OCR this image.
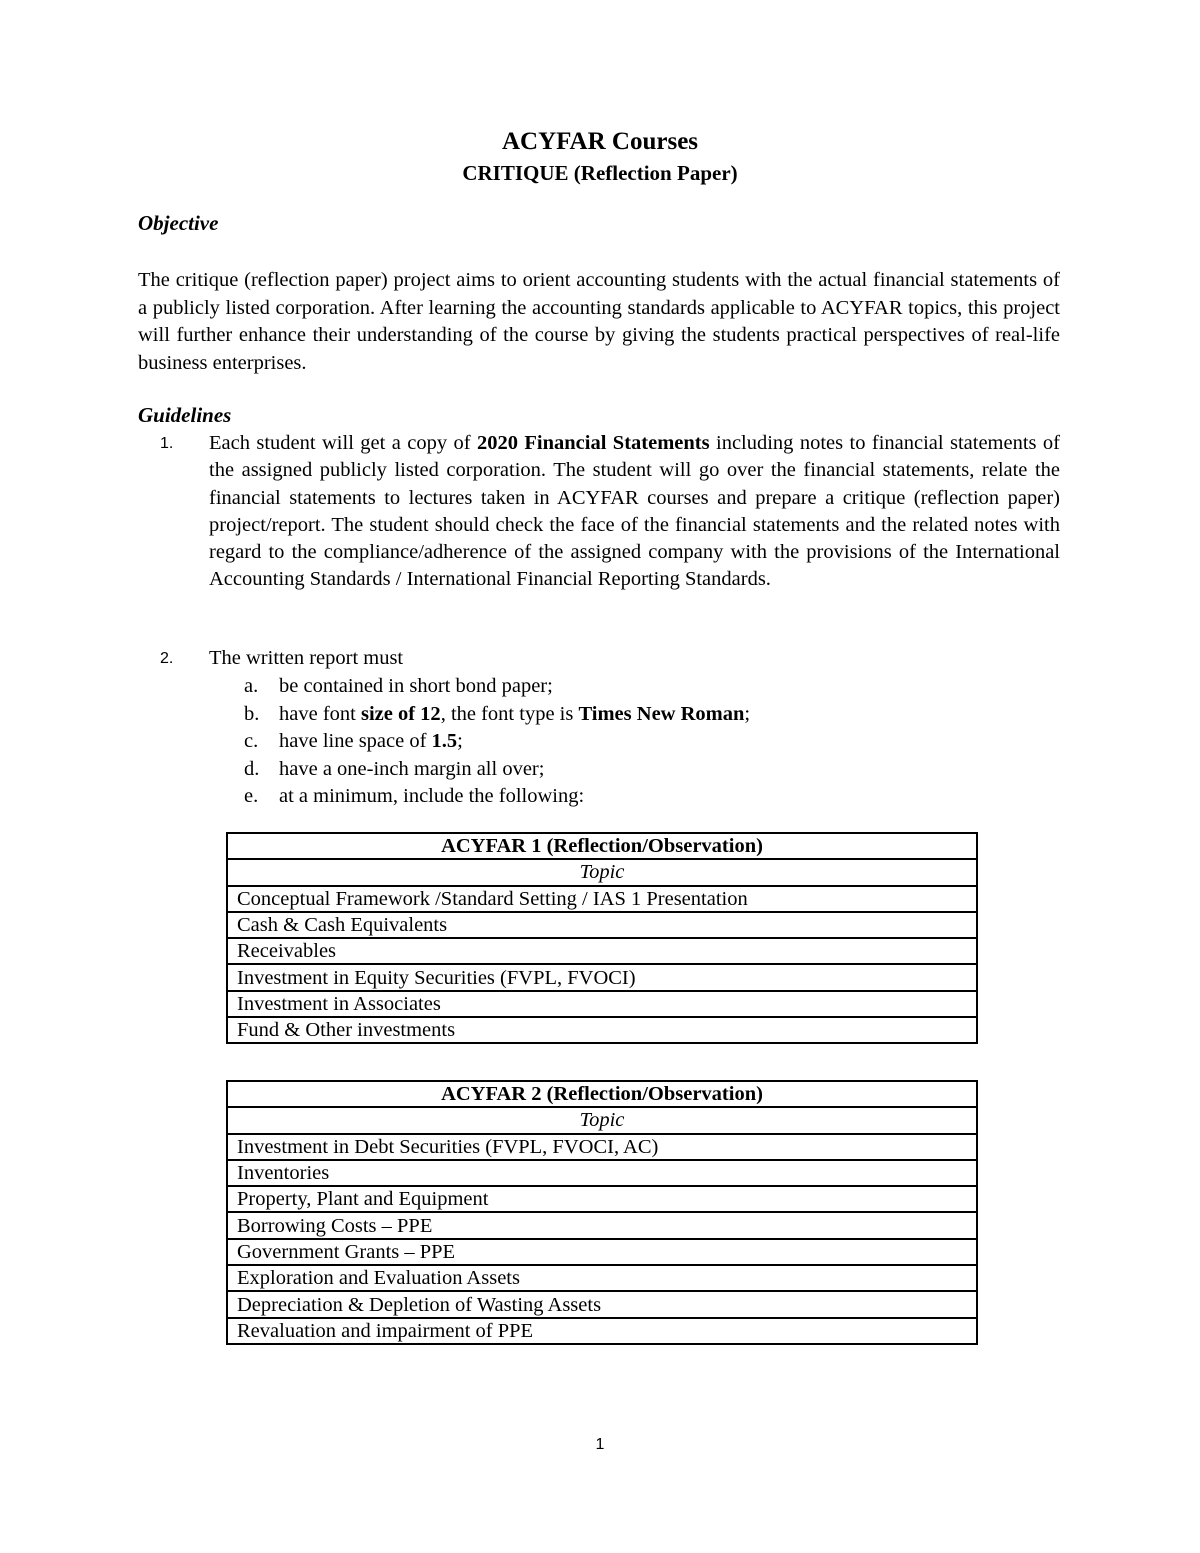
ACYFAR Courses
CRITIQUE (Reflection Paper)
Objective

The critique (reflection paper) project aims to orient accounting students with the actual financial statements of a publicly listed corporation. After learning the accounting standards applicable to ACYFAR topics, this project will further enhance their understanding of the course by giving the students practical perspectives of real-life business enterprises.

Guidelines
1. Each student will get a copy of 2020 Financial Statements including notes to financial statements of the assigned publicly listed corporation. The student will go over the financial statements, relate the financial statements to lectures taken in ACYFAR courses and prepare a critique (reflection paper) project/report. The student should check the face of the financial statements and the related notes with regard to the compliance/adherence of the assigned company with the provisions of the International Accounting Standards / International Financial Reporting Standards.
2. The written report must
a.	be contained in short bond paper;
b. have font size of 12, the font type is Times New Roman;
c.	have line space of 1.5;
d. have a one-inch margin all over;
e.	at a minimum, include the following:
ACYFAR 1 (Reflection/Observation)
Topic
Conceptual Framework /Standard Setting / IAS 1 Presentation
Cash & Cash Equivalents
Receivables
Investment in Equity Securities (FVPL, FVOCI)
Investment in Associates
Fund & Other investments
ACYFAR 2 (Reflection/Observation)
Topic
Investment in Debt Securities (FVPL, FVOCI, AC)
Inventories
Property, Plant and Equipment
Borrowing Costs – PPE
Government Grants – PPE
Exploration and Evaluation Assets
Depreciation & Depletion of Wasting Assets
Revaluation and impairment of PPE
1
